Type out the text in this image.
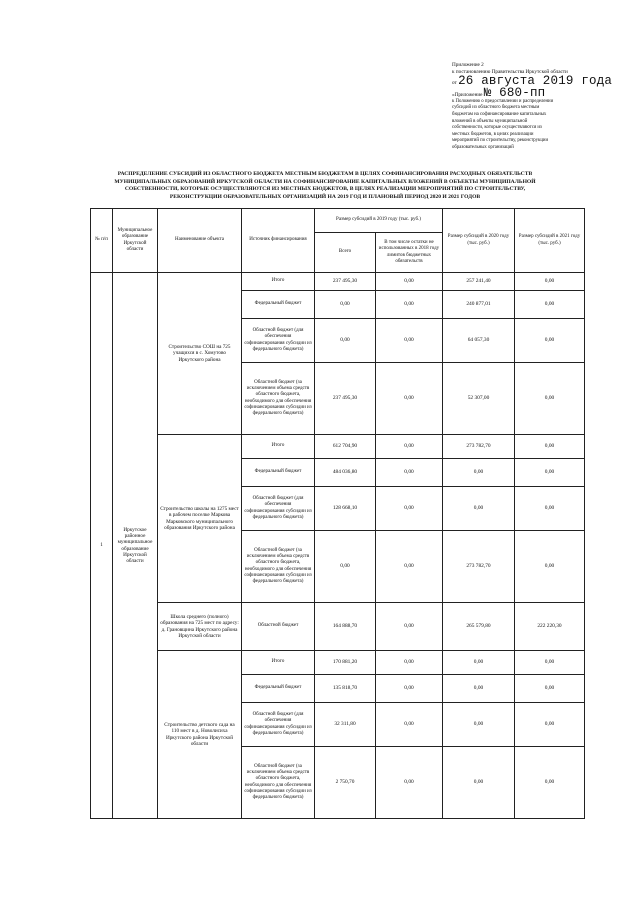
Приложение 2
к постановлению Правительства Иркутской области
от 26 августа 2019 года
«Приложение № 680-пп
к Положению о предоставлении и распределении
субсидий из областного бюджета местным
бюджетам на софинансирование капитальных
вложений в объекты муниципальной
собственности, которые осуществляются из
местных бюджетов, в целях реализации
мероприятий по строительству, реконструкции
образовательных организаций
РАСПРЕДЕЛЕНИЕ СУБСИДИЙ ИЗ ОБЛАСТНОГО БЮДЖЕТА МЕСТНЫМ БЮДЖЕТАМ В ЦЕЛЯХ СОФИНАНСИРОВАНИЯ РАСХОДНЫХ ОБЯЗАТЕЛЬСТВ
МУНИЦИПАЛЬНЫХ ОБРАЗОВАНИЙ ИРКУТСКОЙ ОБЛАСТИ НА СОФИНАНСИРОВАНИЕ КАПИТАЛЬНЫХ ВЛОЖЕНИЙ В ОБЪЕКТЫ МУНИЦИПАЛЬНОЙ
СОБСТВЕННОСТИ, КОТОРЫЕ ОСУЩЕСТВЛЯЮТСЯ ИЗ МЕСТНЫХ БЮДЖЕТОВ, В ЦЕЛЯХ РЕАЛИЗАЦИИ МЕРОПРИЯТИЙ ПО СТРОИТЕЛЬСТВУ,
РЕКОНСТРУКЦИИ ОБРАЗОВАТЕЛЬНЫХ ОРГАНИЗАЦИЙ НА 2019 ГОД И ПЛАНОВЫЙ ПЕРИОД 2020 И 2021 ГОДОВ
№ п/п	Муниципальное образование Иркутской области	Наименование объекта	Источник финансирования	Размер субсидий в 2019 году (тыс. руб.)		Размер субсидий в 2020 году (тыс. руб.)	Размер субсидий в 2021 году (тыс. руб.)
				Всего	В том числе остатки не использованных в 2018 году лимитов бюджетных обязательств		
1	Иркутское районное муниципальное образование Иркутской области	Строительство СОШ на 725 учащихся в с. Хомутово Иркутского района	Итого	237 495,30	0,00	257 241,40	0,00
			Федеральный бюджет	0,00	0,00	240 877,01	0,00
			Областной бюджет (для обеспечения софинансирования субсидии из федерального бюджета)	0,00	0,00	64 057,30	0,00
			Областной бюджет (за исключением объема средств областного бюджета, необходимого для обеспечения софинансирования субсидии из федерального бюджета)	237 495,30	0,00	52 307,00	0,00
		Строительство школы на 1275 мест в рабочем поселке Маркова Марковского муниципального образования Иркутского района	Итого	612 704,90	0,00	273 782,70	0,00
			Федеральный бюджет	484 036,80	0,00	0,00	0,00
			Областной бюджет (для обеспечения софинансирования субсидии из федерального бюджета)	128 668,10	0,00	0,00	0,00
			Областной бюджет (за исключением объема средств областного бюджета, необходимого для обеспечения софинансирования субсидии из федерального бюджета)	0,00	0,00	273 782,70	0,00
		Школа среднего (полного) образования на 725 мест по адресу: д. Грановщина Иркутского района Иркутской области	Областной бюджет	164 888,70	0,00	265 579,80	222 220,30
		Строительство детского сада на 110 мест в д. Новолисиха Иркутского района Иркутской области	Итого	170 881,20	0,00	0,00	0,00
			Федеральный бюджет	135 818,70	0,00	0,00	0,00
			Областной бюджет (для обеспечения софинансирования субсидии из федерального бюджета)	32 311,80	0,00	0,00	0,00
			Областной бюджет (за исключением объема средств областного бюджета, необходимого для обеспечения софинансирования субсидии из федерального бюджета)	2 750,70	0,00	0,00	0,00
